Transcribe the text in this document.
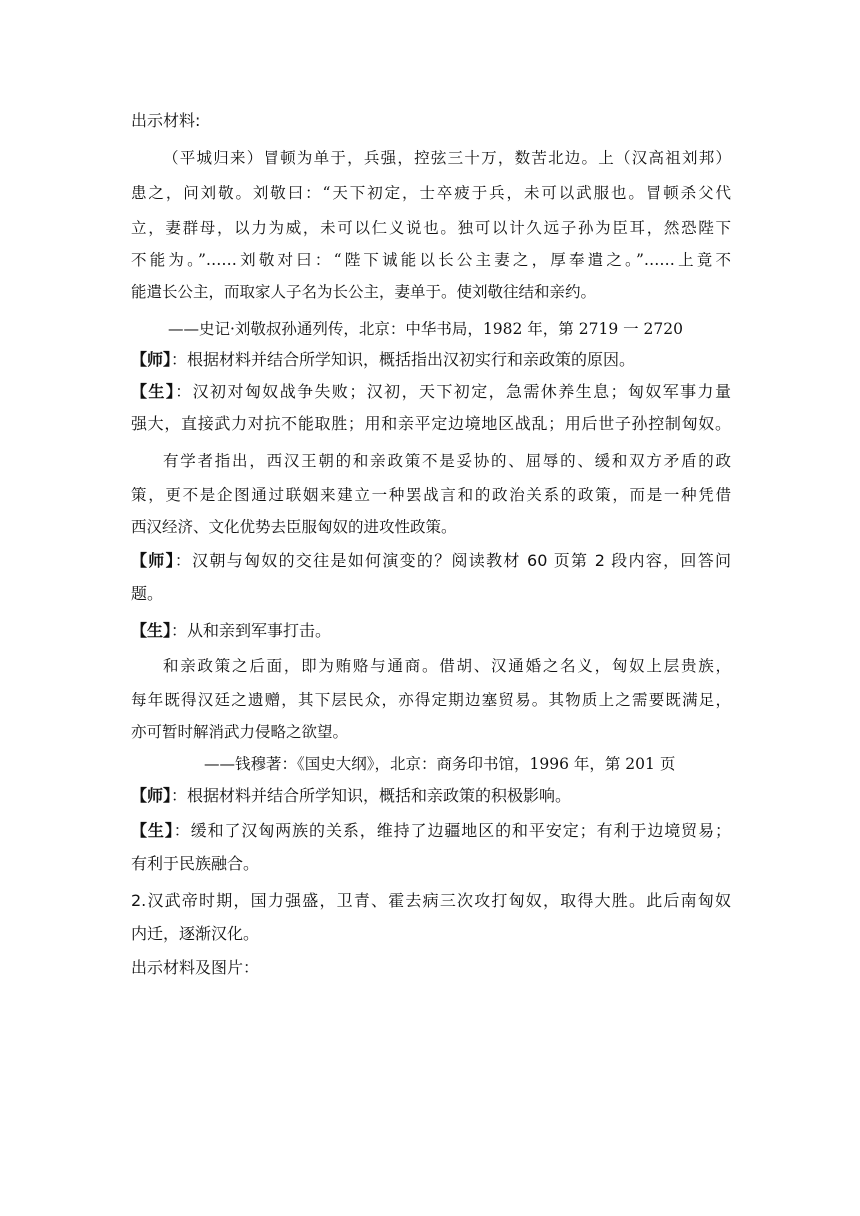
出示材料:
（平城归来）冒顿为单于，兵强，控弦三十万，数苦北边。上（汉高祖刘邦）
患之，问刘敬。刘敬曰：“天下初定，士卒疲于兵，未可以武服也。冒顿杀父代
立，妻群母，以力为威，未可以仁义说也。独可以计久远子孙为臣耳，然恐陛下
不能为。”……刘敬对曰：“陛下诚能以长公主妻之，厚奉遣之。”……上竟不
能遣长公主，而取家人子名为长公主，妻单于。使刘敬往结和亲约。
——史记·刘敬叔孙通列传，北京：中华书局，1982 年，第 2719 一 2720
【师】：根据材料并结合所学知识，概括指出汉初实行和亲政策的原因。
【生】：汉初对匈奴战争失败；汉初，天下初定，急需休养生息；匈奴军事力量
强大，直接武力对抗不能取胜；用和亲平定边境地区战乱；用后世子孙控制匈奴。
有学者指出，西汉王朝的和亲政策不是妥协的、屈辱的、缓和双方矛盾的政
策，更不是企图通过联姻来建立一种罢战言和的政治关系的政策，而是一种凭借
西汉经济、文化优势去臣服匈奴的进攻性政策。
【师】：汉朝与匈奴的交往是如何演变的？阅读教材 60 页第 2 段内容，回答问
题。
【生】：从和亲到军事打击。
和亲政策之后面，即为贿赂与通商。借胡、汉通婚之名义，匈奴上层贵族，
每年既得汉廷之遗赠，其下层民众，亦得定期边塞贸易。其物质上之需要既满足，
亦可暂时解消武力侵略之欲望。
——钱穆著：《国史大纲》，北京：商务印书馆，1996 年，第 201 页
【师】：根据材料并结合所学知识，概括和亲政策的积极影响。
【生】：缓和了汉匈两族的关系，维持了边疆地区的和平安定；有利于边境贸易；
有利于民族融合。
2.汉武帝时期，国力强盛，卫青、霍去病三次攻打匈奴，取得大胜。此后南匈奴
内迁，逐渐汉化。
出示材料及图片：
